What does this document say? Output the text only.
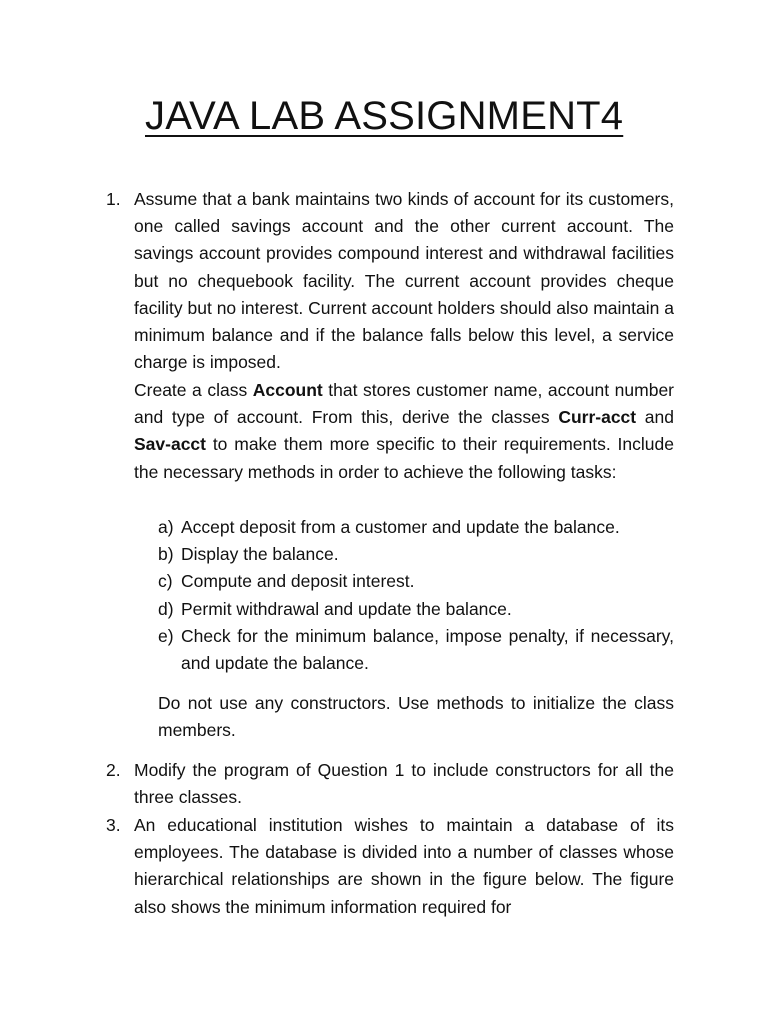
JAVA LAB ASSIGNMENT4
1. Assume that a bank maintains two kinds of account for its customers, one called savings account and the other current account. The savings account provides compound interest and withdrawal facilities but no chequebook facility. The current account provides cheque facility but no interest. Current account holders should also maintain a minimum balance and if the balance falls below this level, a service charge is imposed.

Create a class Account that stores customer name, account number and type of account. From this, derive the classes Curr-acct and Sav-acct to make them more specific to their requirements. Include the necessary methods in order to achieve the following tasks:

a) Accept deposit from a customer and update the balance.

b) Display the balance.

c) Compute and deposit interest.

d) Permit withdrawal and update the balance.

e) Check for the minimum balance, impose penalty, if necessary, and update the balance.

Do not use any constructors. Use methods to initialize the class members.

2. Modify the program of Question 1 to include constructors for all the three classes.

3. An educational institution wishes to maintain a database of its employees. The database is divided into a number of classes whose hierarchical relationships are shown in the figure below. The figure also shows the minimum information required for
